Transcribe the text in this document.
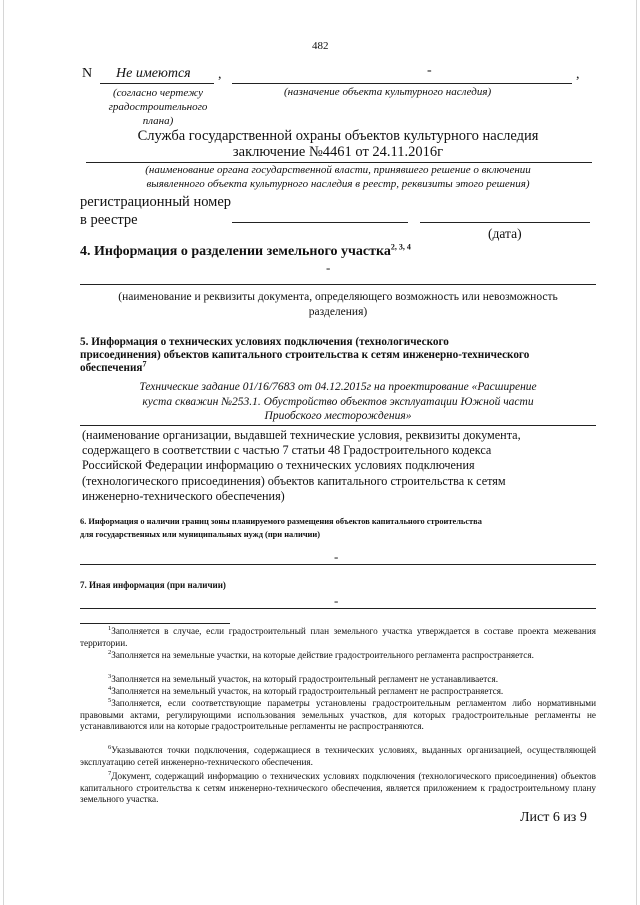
482
N Не имеются ,	-	,
(согласно чертежу
градостроительного
плана)
(назначение объекта культурного наследия)
Служба государственной охраны объектов культурного наследия
заключение №4461 от 24.11.2016г
(наименование органа государственной власти, принявшего решение о включении
выявленного объекта культурного наследия в реестр, реквизиты этого решения)
регистрационный номер
в реестре
(дата)
4. Информация о разделении земельного участка$^{2, 3, 4}$
-
(наименование и реквизиты документа, определяющего возможность или невозможность
разделения)
5. Информация о технических условиях подключения (технологического
присоединения) объектов капитального строительства к сетям инженерно-технического
обеспечения$^7$
Технические задание 01/16/7683 от 04.12.2015г на проектирование «Расширение
куста скважин №253.1. Обустройство объектов эксплуатации Южной части
Приобского месторождения»
(наименование организации, выдавшей технические условия, реквизиты документа,
содержащего в соответствии с частью 7 статьи 48 Градостроительного кодекса
Российской Федерации информацию о технических условиях подключения
(технологического присоединения) объектов капитального строительства к сетям
инженерно-технического обеспечения)
6. Информация о наличии границ зоны планируемого размещения объектов капитального строительства
для государственных или муниципальных нужд (при наличии)
-
7. Иная информация (при наличии)
-
$^1$Заполняется в случае, если градостроительный план земельного участка утверждается в составе проекта межевания территории.
$^2$Заполняется на земельные участки, на которые действие градостроительного регламента распространяется.
$^3$Заполняется на земельный участок, на который градостроительный регламент не устанавливается.
$^4$Заполняется на земельный участок, на который градостроительный регламент не распространяется.
$^5$Заполняется, если соответствующие параметры установлены градостроительным регламентом либо нормативными правовыми актами, регулирующими использования земельных участков, для которых градостроительные регламенты не устанавливаются или на которые градостроительные регламенты не распространяются.
$^6$Указываются точки подключения, содержащиеся в технических условиях, выданных организацией, осуществляющей эксплуатацию сетей инженерно-технического обеспечения.
$^7$Документ, содержащий информацию о технических условиях подключения (технологического присоединения) объектов капитального строительства к сетям инженерно-технического обеспечения, является приложением к градостроительному плану земельного участка.
Лист 6 из 9
